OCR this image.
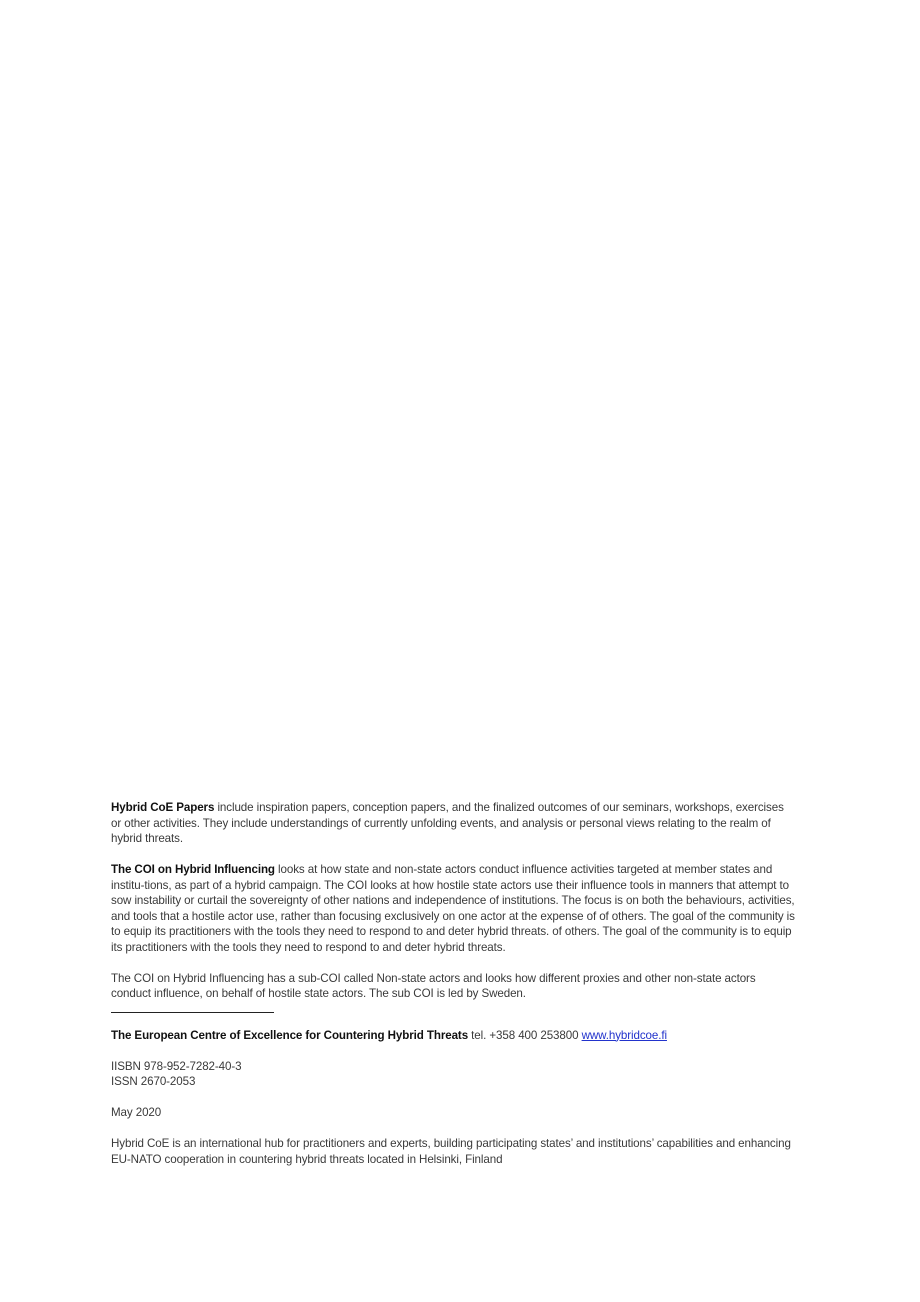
Hybrid CoE Papers include inspiration papers, conception papers, and the finalized outcomes of our seminars, workshops, exercises or other activities. They include understandings of currently unfolding events, and analysis or personal views relating to the realm of hybrid threats.

The COI on Hybrid Influencing looks at how state and non-state actors conduct influence activities targeted at member states and institu-tions, as part of a hybrid campaign. The COI looks at how hostile state actors use their influence tools in manners that attempt to sow instability or curtail the sovereignty of other nations and independence of institutions. The focus is on both the behaviours, activities, and tools that a hostile actor use, rather than focusing exclusively on one actor at the expense of of others. The goal of the community is to equip its practitioners with the tools they need to respond to and deter hybrid threats. of others. The goal of the community is to equip its practitioners with the tools they need to respond to and deter hybrid threats.

The COI on Hybrid Influencing has a sub-COI called Non-state actors and looks how different proxies and other non-state actors conduct influence, on behalf of hostile state actors. The sub COI is led by Sweden.

The European Centre of Excellence for Countering Hybrid Threats tel. +358 400 253800 www.hybridcoe.fi

IISBN 978-952-7282-40-3
ISSN 2670-2053

May 2020

Hybrid CoE is an international hub for practitioners and experts, building participating states’ and institutions’ capabilities and enhancing EU-NATO cooperation in countering hybrid threats located in Helsinki, Finland
